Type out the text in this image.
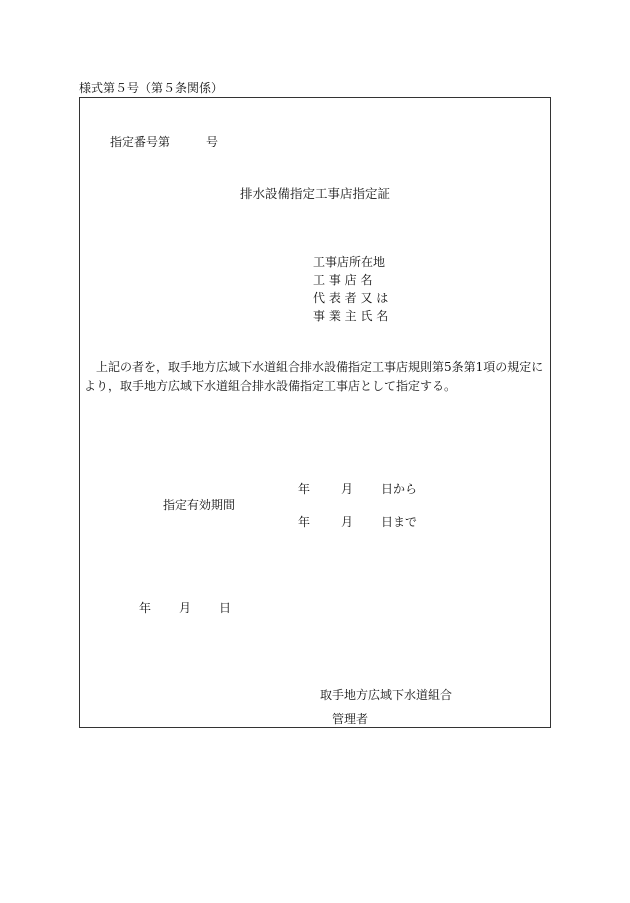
様式第５号（第５条関係）
指定番号第	号
排水設備指定工事店指定証
工事店所在地
工 事 店 名
代 表 者 又 は
事 業 主 氏 名
上記の者を，取手地方広域下水道組合排水設備指定工事店規則第5条第1項の規定により，取手地方広域下水道組合排水設備指定工事店として指定する。
年	月 日から
指定有効期間
年	月 日まで
年 月 日
取手地方広域下水道組合
管理者
